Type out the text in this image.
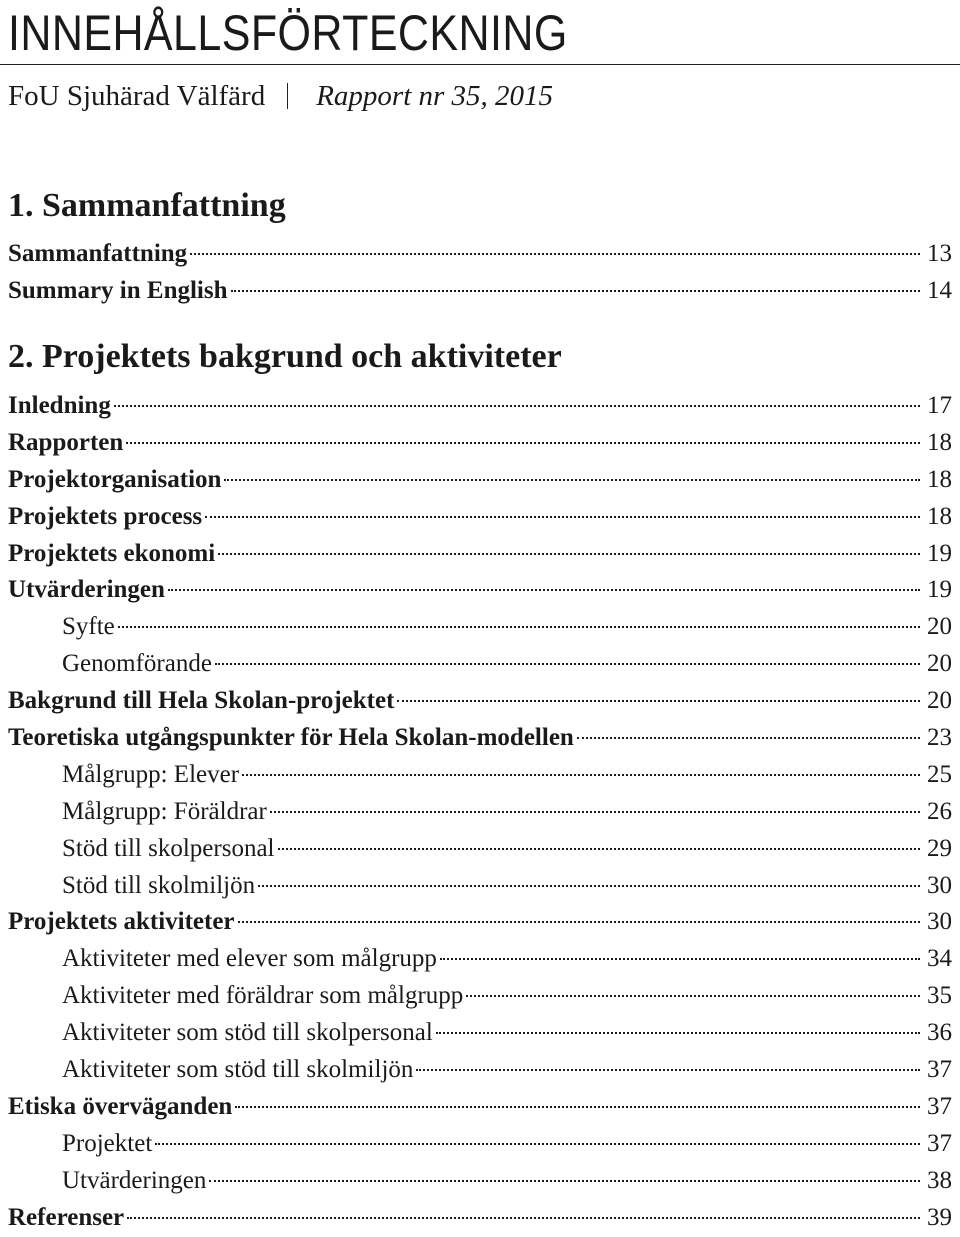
INNEHÅLLSFÖRTECKNING
FoU Sjuhärad Välfärd Rapport nr 35, 2015
1. Sammanfattning
Sammanfattning	13
Summary in English	14
2. Projektets bakgrund och aktiviteter
Inledning	17
Rapporten	18
Projektorganisation	18
Projektets process	18
Projektets ekonomi	19
Utvärderingen	19
Syfte	20
Genomförande	20
Bakgrund till Hela Skolan-projektet	20
Teoretiska utgångspunkter för Hela Skolan-modellen	23
Målgrupp: Elever	25
Målgrupp: Föräldrar	26
Stöd till skolpersonal	29
Stöd till skolmiljön	30
Projektets aktiviteter	30
Aktiviteter med elever som målgrupp	34
Aktiviteter med föräldrar som målgrupp	35
Aktiviteter som stöd till skolpersonal	36
Aktiviteter som stöd till skolmiljön	37
Etiska överväganden	37
Projektet	37
Utvärderingen	38
Referenser	39
